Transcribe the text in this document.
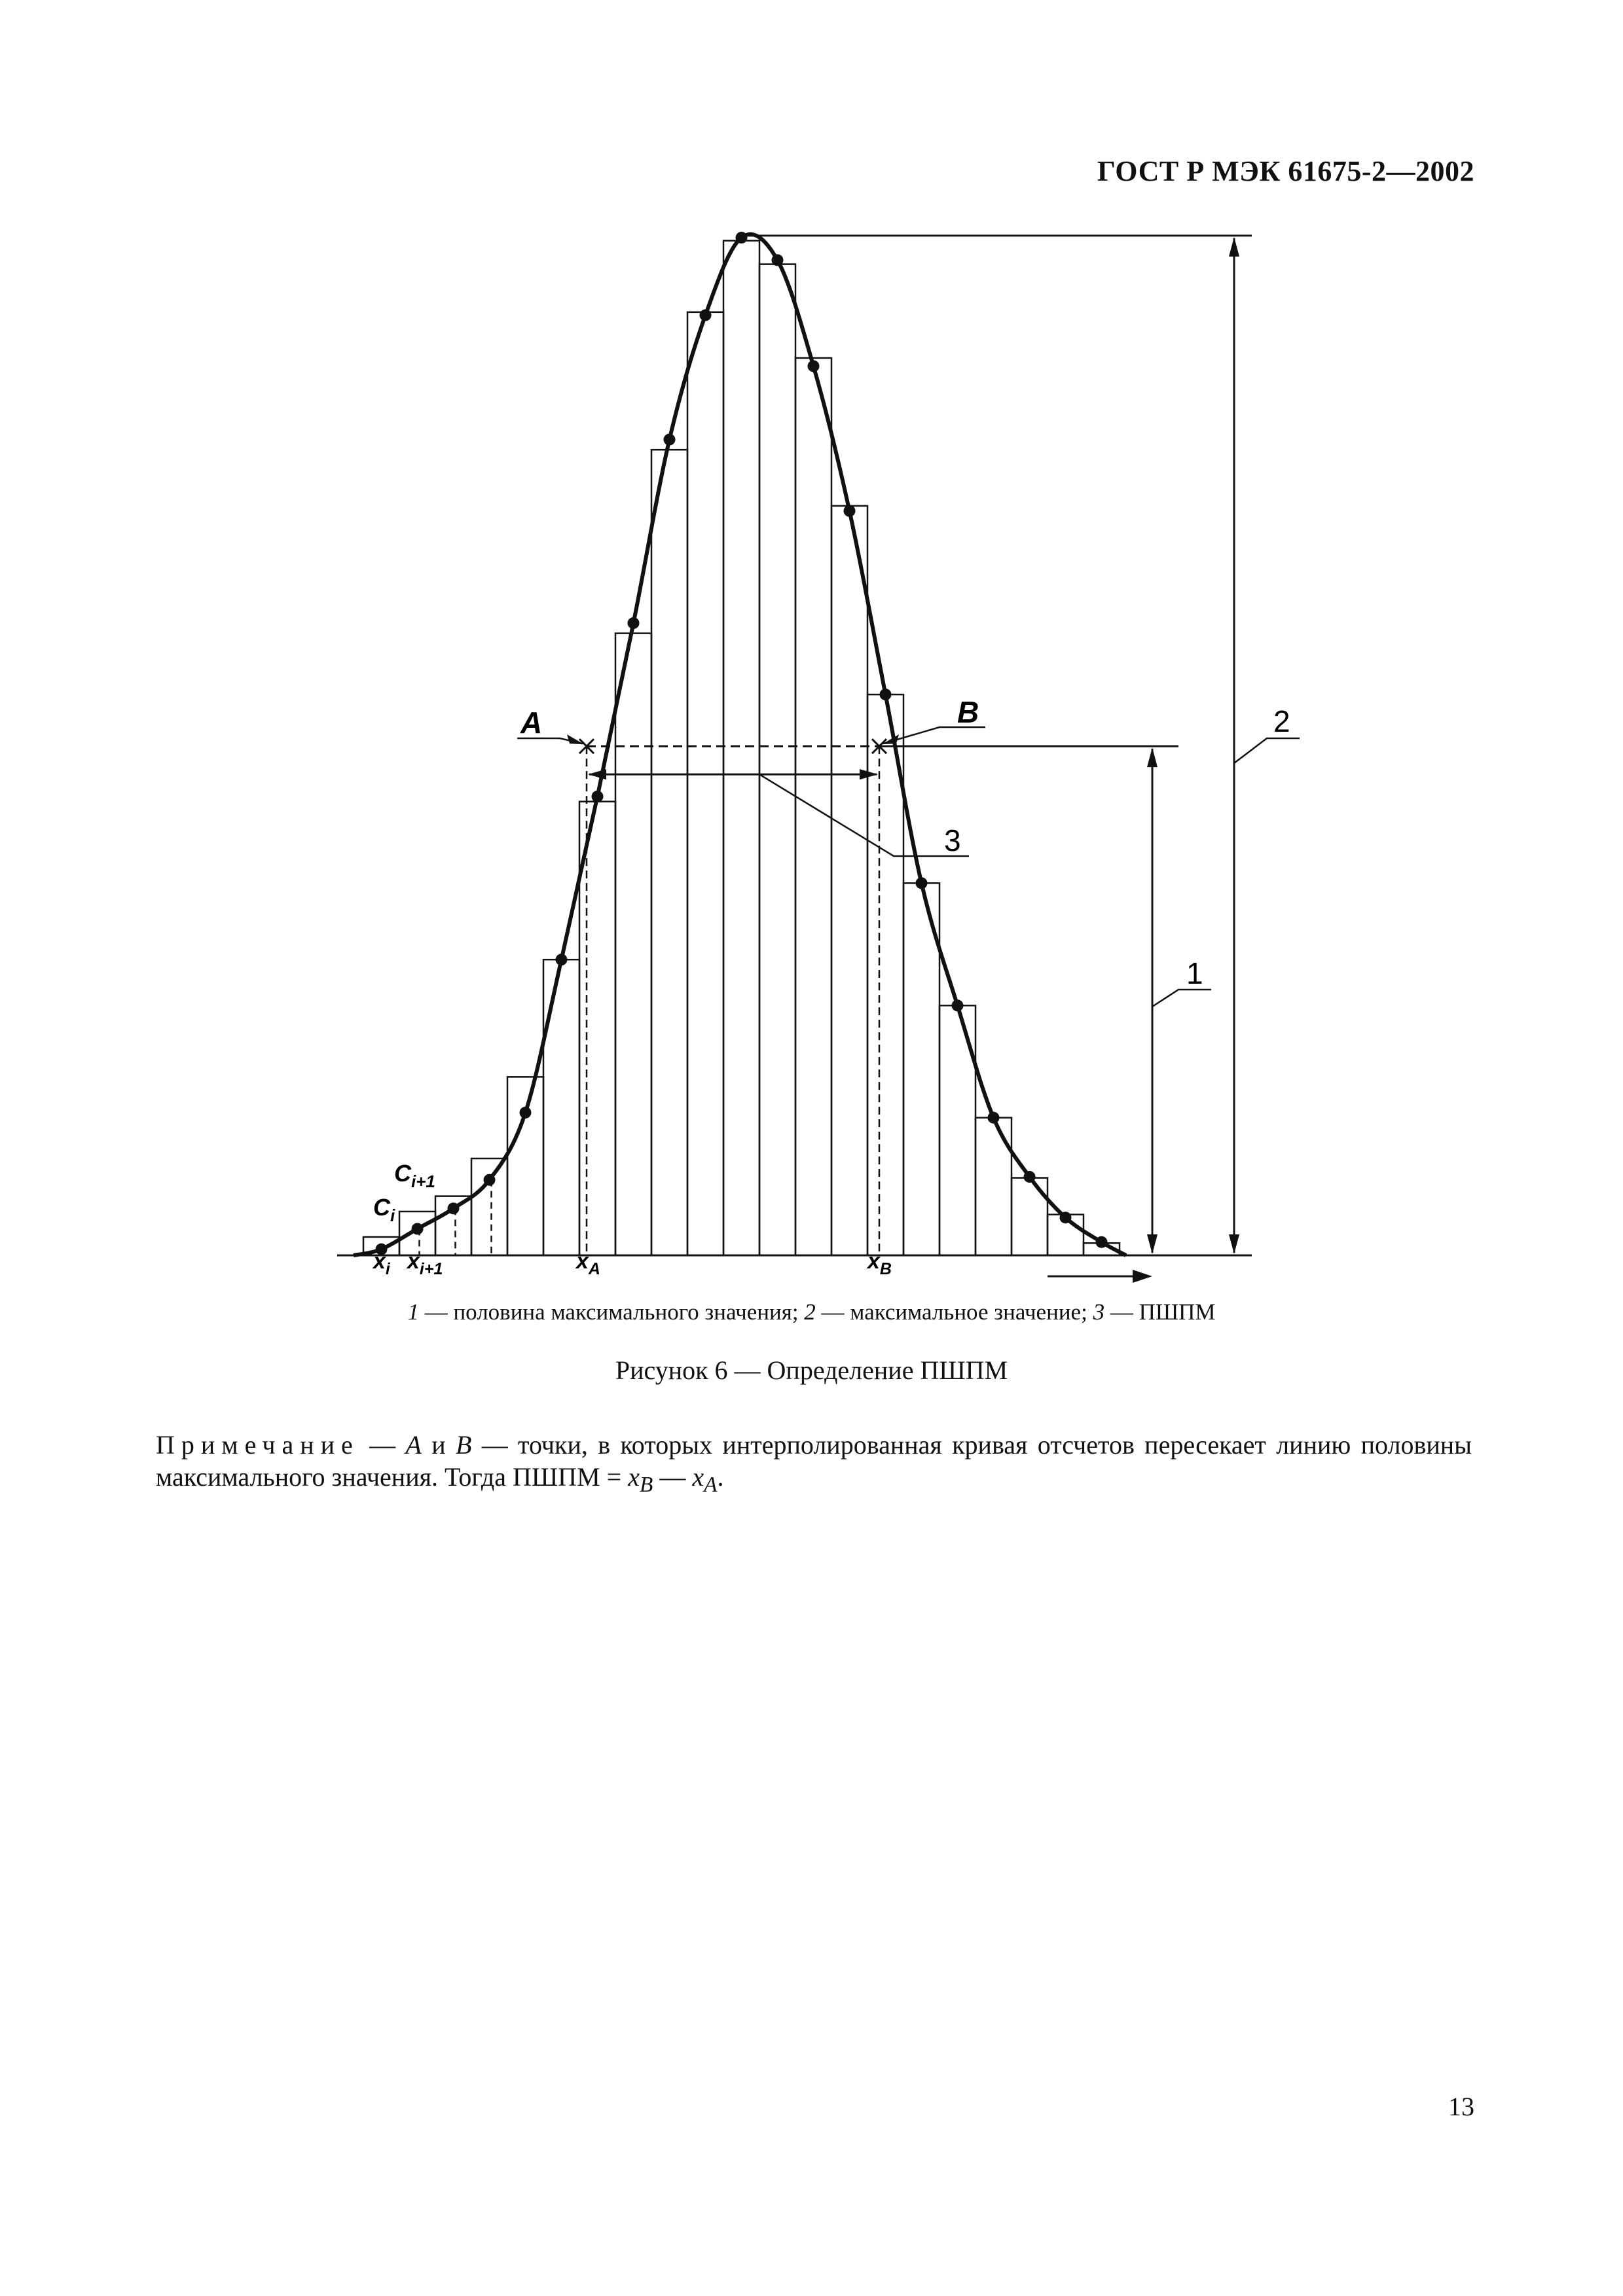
ГОСТ Р МЭК 61675-2—2002
1
2
3
A	B
$C_i$
$C_{i+1}$
$x_i$ $x_{i+1}$	$x_A$	$x_B$
1 — половина максимального значения; 2 — максимальное значение; 3 — ПШПМ
Рисунок 6 — Определение ПШПМ
Примечание — A и B — точки, в которых интерполированная кривая отсчетов пересекает линию половины максимального значения. Тогда ПШПМ = $x_B$ — $x_A$.
13
